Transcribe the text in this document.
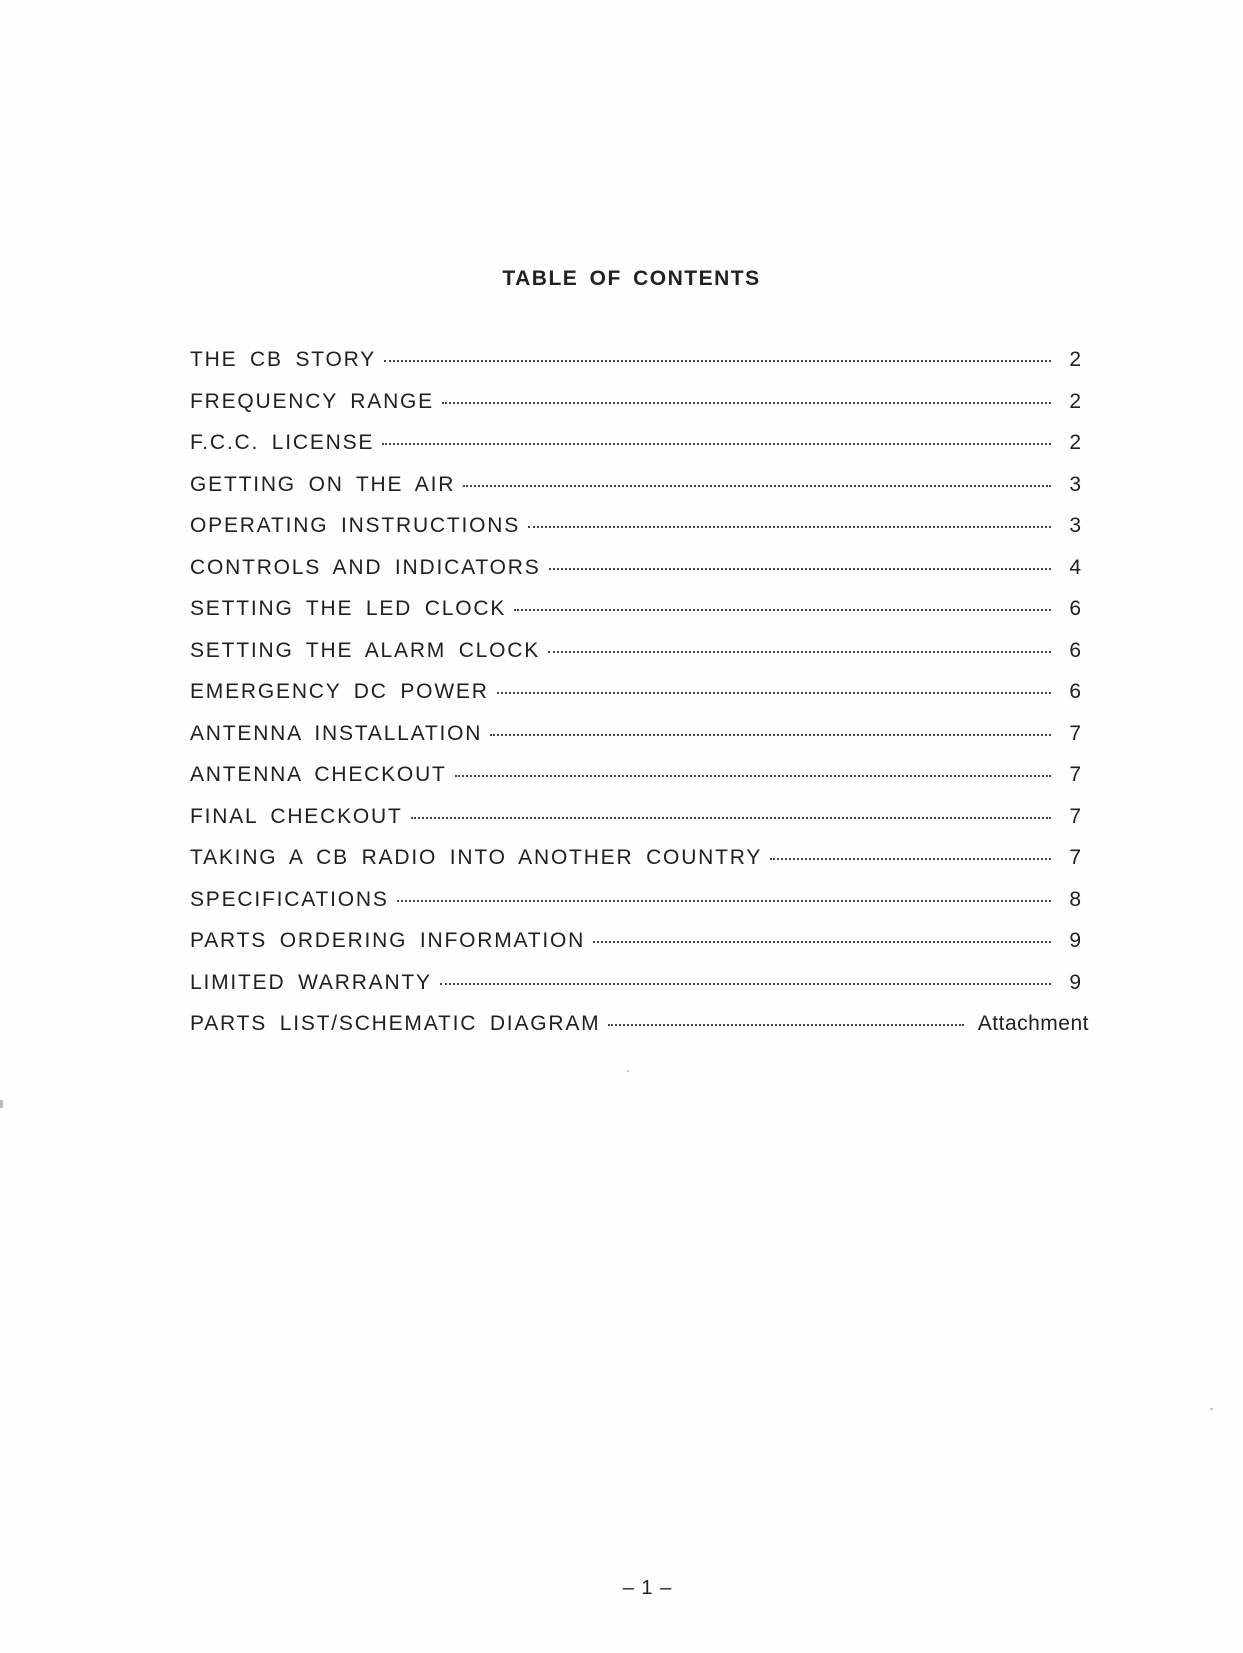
TABLE OF CONTENTS
THE CB STORY	2
FREQUENCY RANGE	2
F.C.C. LICENSE	2
GETTING ON THE AIR	3
OPERATING INSTRUCTIONS	3
CONTROLS AND INDICATORS	4
SETTING THE LED CLOCK	6
SETTING THE ALARM CLOCK	6
EMERGENCY DC POWER	6
ANTENNA INSTALLATION	7
ANTENNA CHECKOUT	7
FINAL CHECKOUT	7
TAKING A CB RADIO INTO ANOTHER COUNTRY	7
SPECIFICATIONS	8
PARTS ORDERING INFORMATION	9
LIMITED WARRANTY	9
PARTS LIST/SCHEMATIC DIAGRAM	Attachment
– 1 –
